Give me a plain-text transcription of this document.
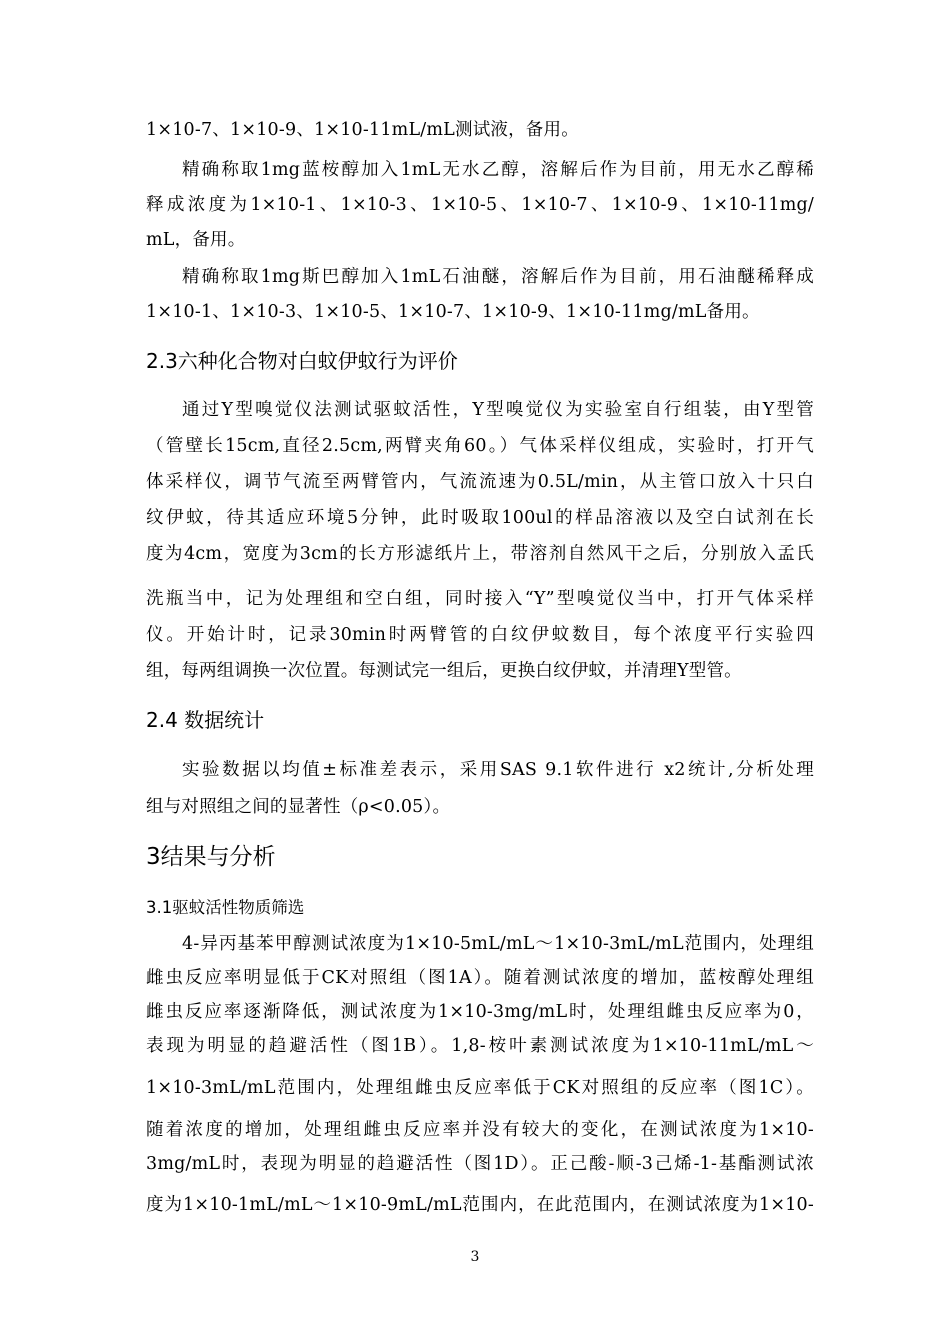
1×10-7、1×10-9、1×10-11mL/mL测试液，备用。
精确称取1mg蓝桉醇加入1mL无水乙醇，溶解后作为目前，用无水乙醇稀
释成浓度为1×10-1、1×10-3、1×10-5、1×10-7、1×10-9、1×10-11mg/
mL，备用。
精确称取1mg斯巴醇加入1mL石油醚，溶解后作为目前，用石油醚稀释成
1×10-1、1×10-3、1×10-5、1×10-7、1×10-9、1×10-11mg/mL备用。
2.3六种化合物对白蚊伊蚊行为评价
通过Y型嗅觉仪法测试驱蚊活性，Y型嗅觉仪为实验室自行组装，由Y型管
（管壁长15cm,直径2.5cm,两臂夹角60。）气体采样仪组成，实验时，打开气
体采样仪，调节气流至两臂管内，气流流速为0.5L/min，从主管口放入十只白
纹伊蚊，待其适应环境5分钟，此时吸取100ul的样品溶液以及空白试剂在长
度为4cm，宽度为3cm的长方形滤纸片上，带溶剂自然风干之后，分别放入孟氏
洗瓶当中，记为处理组和空白组，同时接入“Y”型嗅觉仪当中，打开气体采样
仪。开始计时，记录30min时两臂管的白纹伊蚊数目，每个浓度平行实验四
组，每两组调换一次位置。每测试完一组后，更换白纹伊蚊，并清理Y型管。
2.4 数据统计
实验数据以均值±标准差表示，采用SAS 9.1软件进行 x2统计,分析处理
组与对照组之间的显著性（ρ<0.05）。
3结果与分析
3.1驱蚊活性物质筛选
4-异丙基苯甲醇测试浓度为1×10-5mL/mL～1×10-3mL/mL范围内，处理组
雌虫反应率明显低于CK对照组（图1A）。随着测试浓度的增加，蓝桉醇处理组
雌虫反应率逐渐降低，测试浓度为1×10-3mg/mL时，处理组雌虫反应率为0，
表现为明显的趋避活性（图1B）。1,8-桉叶素测试浓度为1×10-11mL/mL～
1×10-3mL/mL范围内，处理组雌虫反应率低于CK对照组的反应率（图1C）。
随着浓度的增加，处理组雌虫反应率并没有较大的变化，在测试浓度为1×10-
3mg/mL时，表现为明显的趋避活性（图1D）。正己酸-顺-3己烯-1-基酯测试浓
度为1×10-1mL/mL～1×10-9mL/mL范围内，在此范围内，在测试浓度为1×10-
3
